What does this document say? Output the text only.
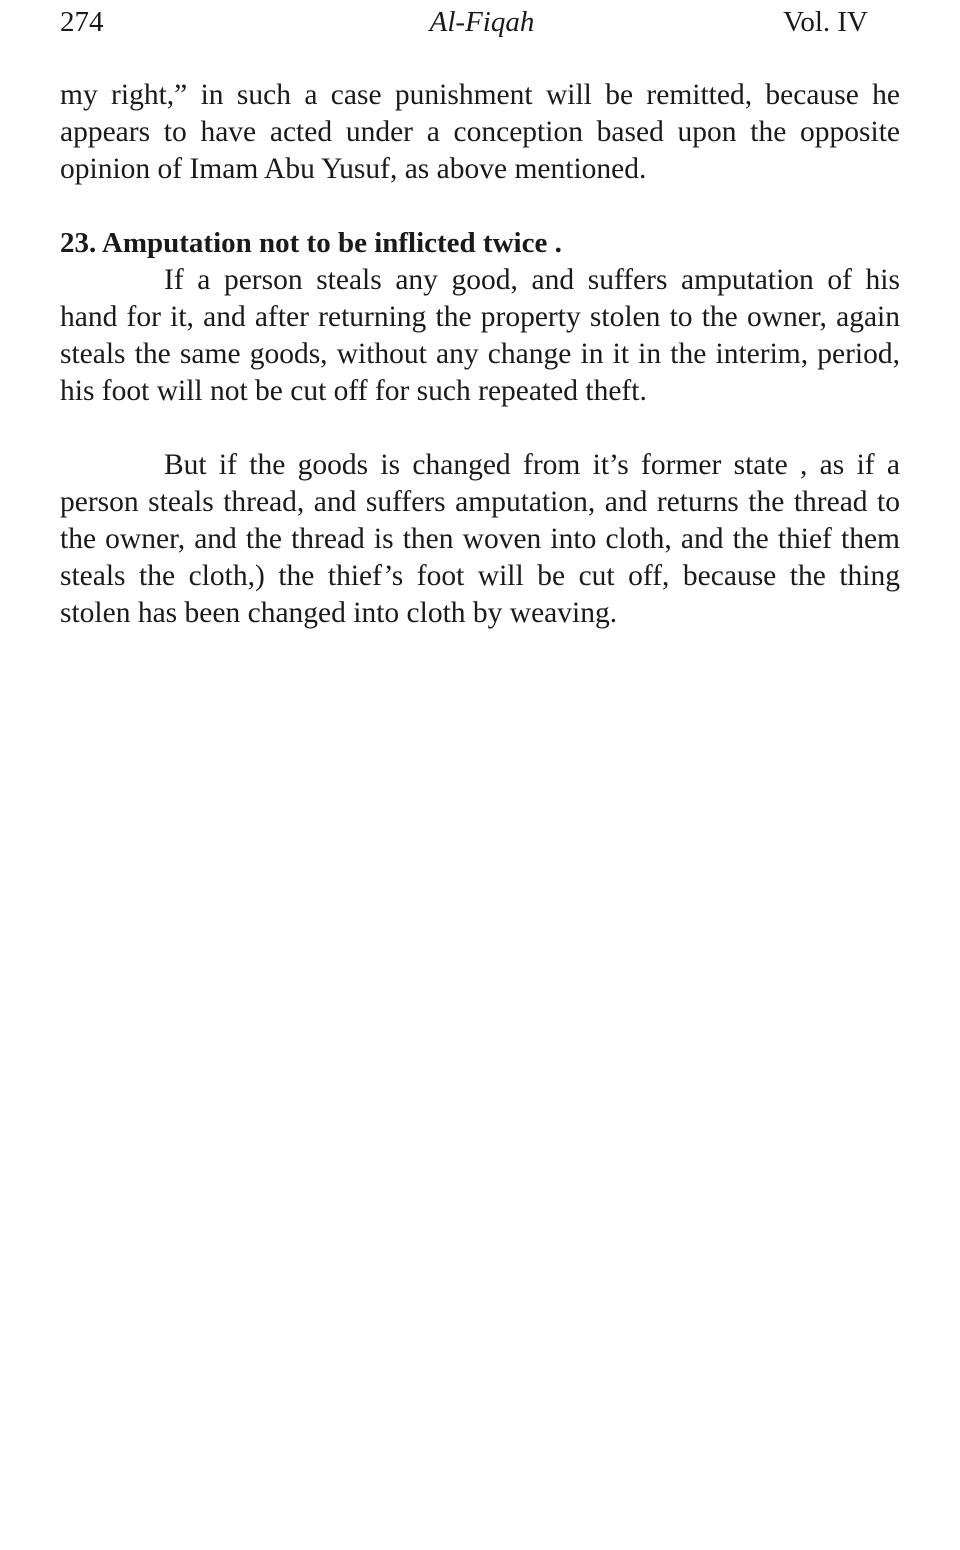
274	Al-Fiqah	Vol. IV

my right,” in such a case punishment will be remitted, because he appears to have acted under a conception based upon the opposite opinion of Imam Abu Yusuf, as above mentioned.

23. Amputation not to be inflicted twice .

If a person steals any good, and suffers amputation of his hand for it, and after returning the property stolen to the owner, again steals the same goods, without any change in it in the interim, period, his foot will not be cut off for such repeated theft.

But if the goods is changed from it’s former state , as if a person steals thread, and suffers amputation, and returns the thread to the owner, and the thread is then woven into cloth, and the thief them steals the cloth,) the thief’s foot will be cut off, because the thing stolen has been changed into cloth by weaving.
